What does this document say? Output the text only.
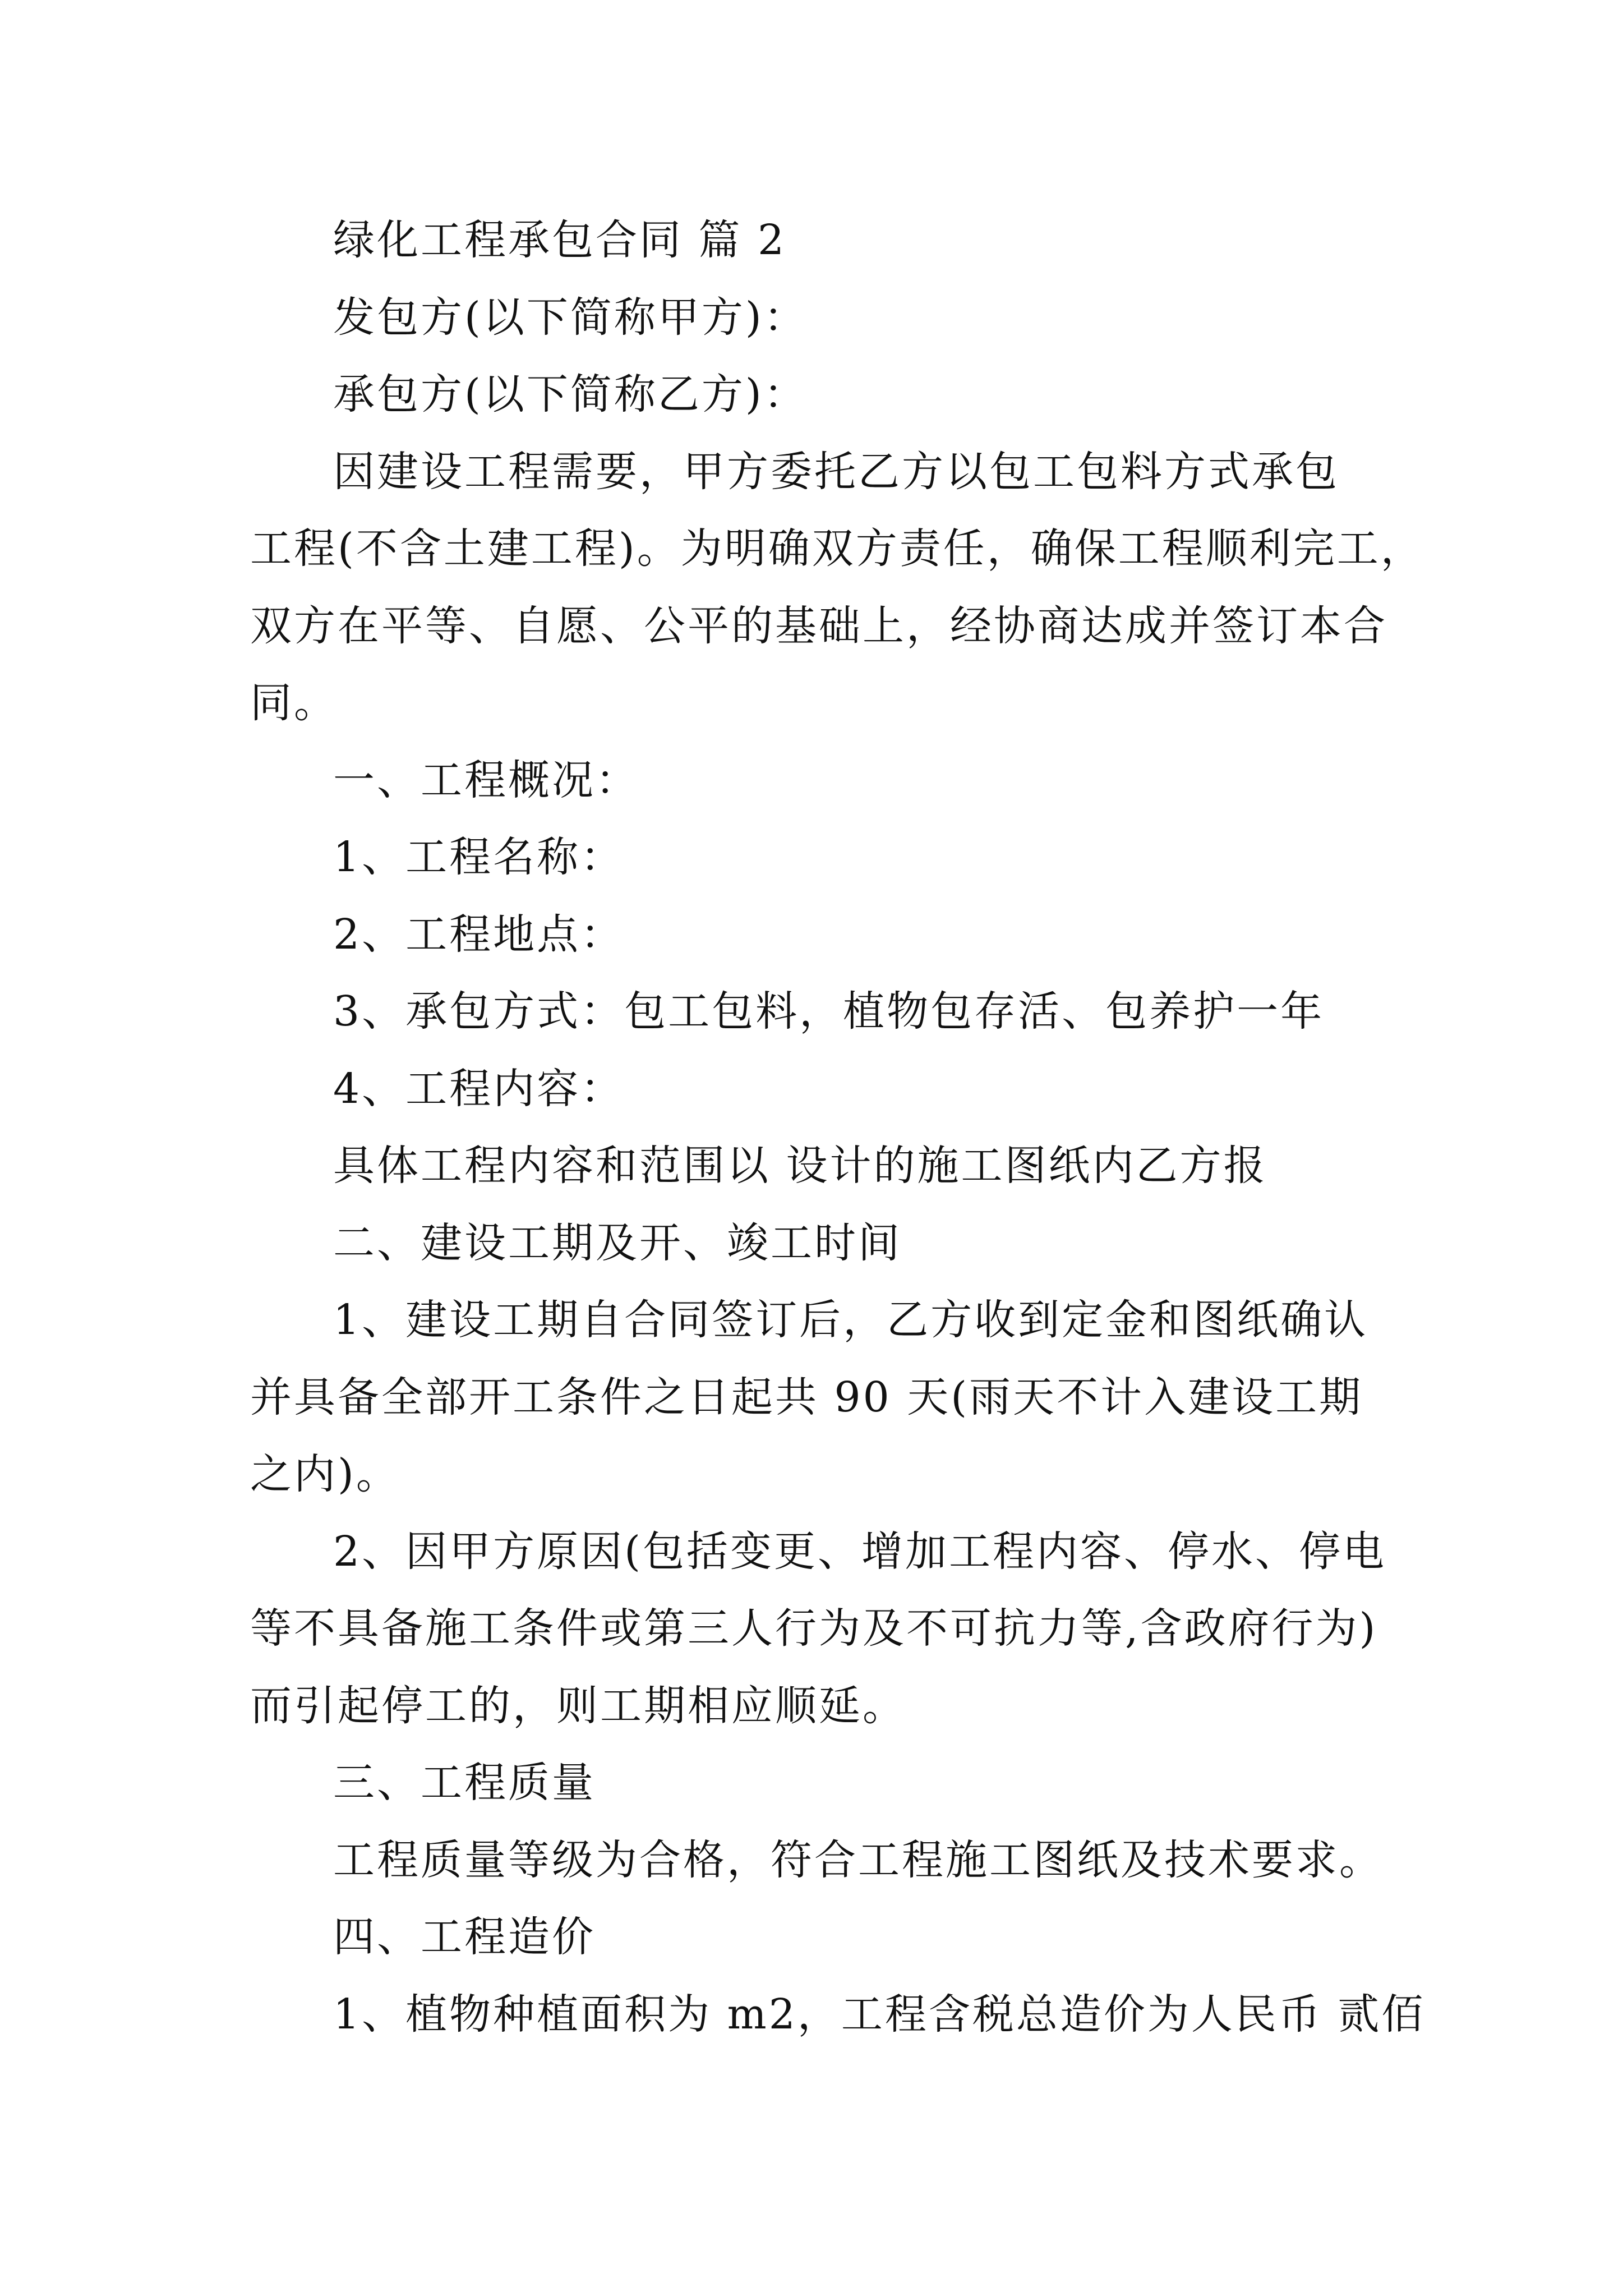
绿化工程承包合同 篇 2
发包方(以下简称甲方)：
承包方(以下简称乙方)：
因建设工程需要，甲方委托乙方以包工包料方式承包
工程(不含土建工程)。为明确双方责任，确保工程顺利完工，
双方在平等、自愿、公平的基础上，经协商达成并签订本合
同。
一、工程概况：
1、工程名称：
2、工程地点：
3、承包方式：包工包料，植物包存活、包养护一年
4、工程内容：
具体工程内容和范围以 设计的施工图纸内乙方报
二、建设工期及开、竣工时间
1、建设工期自合同签订后，乙方收到定金和图纸确认
并具备全部开工条件之日起共 90 天(雨天不计入建设工期
之内)。
2、因甲方原因(包括变更、增加工程内容、停水、停电
等不具备施工条件或第三人行为及不可抗力等,含政府行为)
而引起停工的，则工期相应顺延。
三、工程质量
工程质量等级为合格，符合工程施工图纸及技术要求。
四、工程造价
1、植物种植面积为 m2，工程含税总造价为人民币 贰佰
